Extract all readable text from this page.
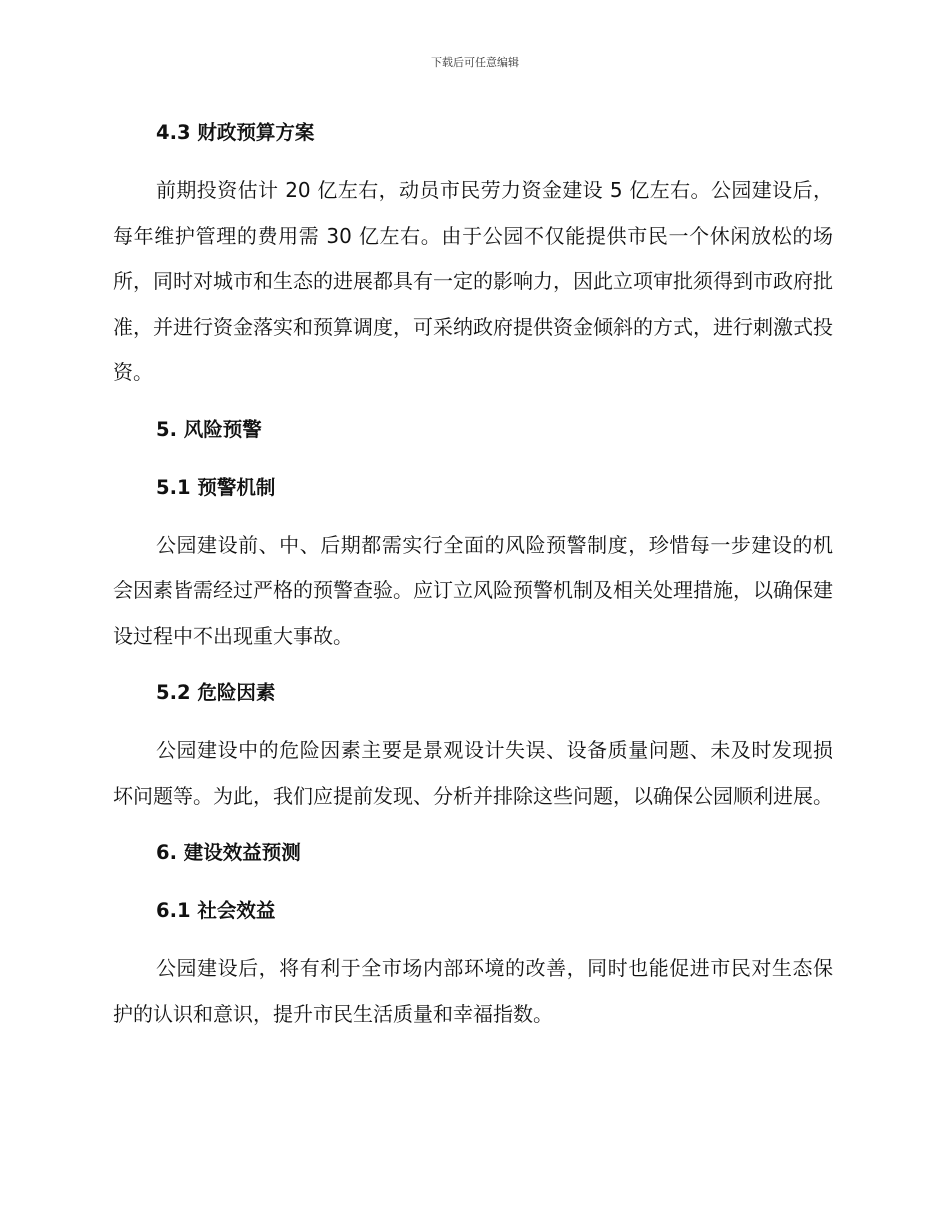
下载后可任意编辑
4.3 财政预算方案

前期投资估计 20 亿左右，动员市民劳力资金建设 5 亿左右。公园建设后，每年维护管理的费用需 30 亿左右。由于公园不仅能提供市民一个休闲放松的场所，同时对城市和生态的进展都具有一定的影响力，因此立项审批须得到市政府批准，并进行资金落实和预算调度，可采纳政府提供资金倾斜的方式，进行刺激式投资。

5. 风险预警
5.1 预警机制

公园建设前、中、后期都需实行全面的风险预警制度，珍惜每一步建设的机会因素皆需经过严格的预警查验。应订立风险预警机制及相关处理措施，以确保建设过程中不出现重大事故。

5.2 危险因素

公园建设中的危险因素主要是景观设计失误、设备质量问题、未及时发现损坏问题等。为此，我们应提前发现、分析并排除这些问题，以确保公园顺利进展。

6. 建设效益预测
6.1 社会效益

公园建设后，将有利于全市场内部环境的改善，同时也能促进市民对生态保护的认识和意识，提升市民生活质量和幸福指数。
